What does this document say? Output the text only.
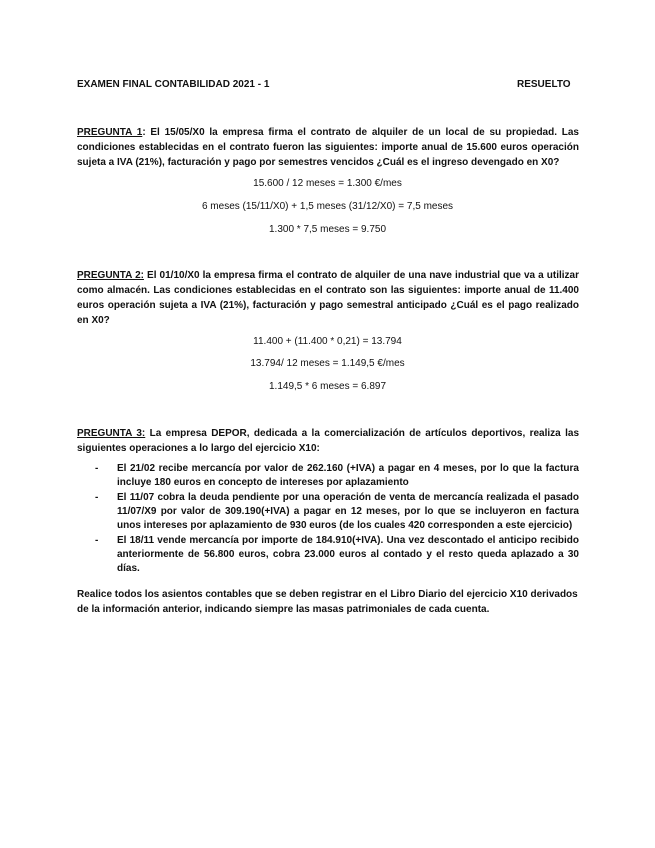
EXAMEN FINAL CONTABILIDAD 2021 - 1	RESUELTO
PREGUNTA 1: El 15/05/X0 la empresa firma el contrato de alquiler de un local de su propiedad. Las condiciones establecidas en el contrato fueron las siguientes: importe anual de 15.600 euros operación sujeta a IVA (21%), facturación y pago por semestres vencidos ¿Cuál es el ingreso devengado en X0?
15.600 / 12 meses = 1.300 €/mes
6 meses (15/11/X0) + 1,5 meses (31/12/X0) = 7,5 meses
1.300 * 7,5 meses = 9.750
PREGUNTA 2: El 01/10/X0 la empresa firma el contrato de alquiler de una nave industrial que va a utilizar como almacén. Las condiciones establecidas en el contrato son las siguientes: importe anual de 11.400 euros operación sujeta a IVA (21%), facturación y pago semestral anticipado ¿Cuál es el pago realizado en X0?
11.400 + (11.400 * 0,21) = 13.794
13.794/ 12 meses = 1.149,5 €/mes
1.149,5 * 6 meses = 6.897
PREGUNTA 3: La empresa DEPOR, dedicada a la comercialización de artículos deportivos, realiza las siguientes operaciones a lo largo del ejercicio X10:
- El 21/02 recibe mercancía por valor de 262.160 (+IVA) a pagar en 4 meses, por lo que la factura incluye 180 euros en concepto de intereses por aplazamiento
- El 11/07 cobra la deuda pendiente por una operación de venta de mercancía realizada el pasado 11/07/X9 por valor de 309.190(+IVA) a pagar en 12 meses, por lo que se incluyeron en factura unos intereses por aplazamiento de 930 euros (de los cuales 420 corresponden a este ejercicio)
- El 18/11 vende mercancía por importe de 184.910(+IVA). Una vez descontado el anticipo recibido anteriormente de 56.800 euros, cobra 23.000 euros al contado y el resto queda aplazado a 30 días.
Realice todos los asientos contables que se deben registrar en el Libro Diario del ejercicio X10 derivados de la información anterior, indicando siempre las masas patrimoniales de cada cuenta.
